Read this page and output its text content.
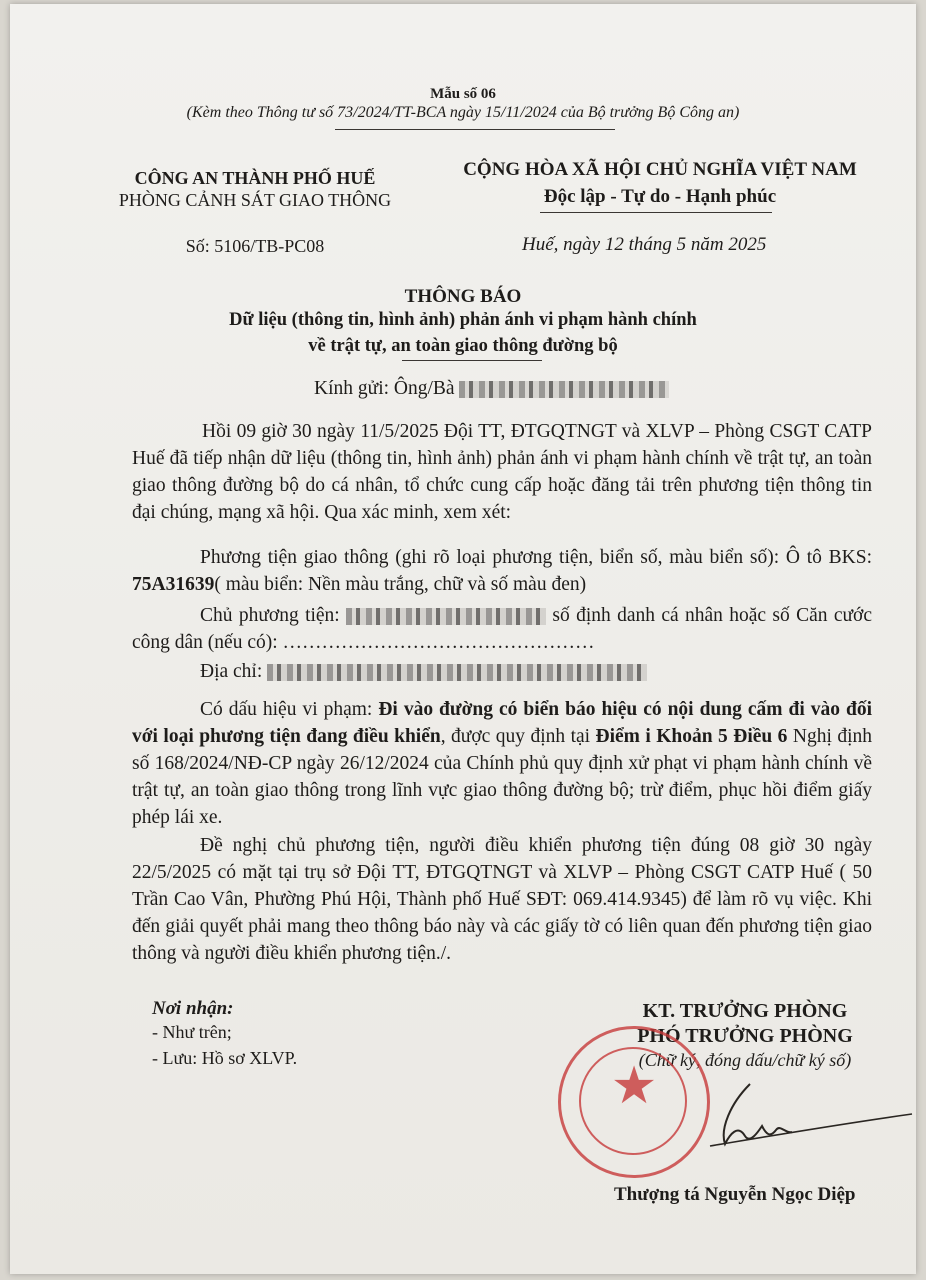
Mẫu số 06
(Kèm theo Thông tư số 73/2024/TT-BCA ngày 15/11/2024 của Bộ trưởng Bộ Công an)
CÔNG AN THÀNH PHỐ HUẾ
PHÒNG CẢNH SÁT GIAO THÔNG
Số: 5106/TB-PC08
CỘNG HÒA XÃ HỘI CHỦ NGHĨA VIỆT NAM
Độc lập - Tự do - Hạnh phúc
Huế, ngày 12 tháng 5 năm 2025
THÔNG BÁO
Dữ liệu (thông tin, hình ảnh) phản ánh vi phạm hành chính
về trật tự, an toàn giao thông đường bộ
Kính gửi: Ông/Bà
Hồi 09 giờ 30 ngày 11/5/2025 Đội TT, ĐTGQTNGT và XLVP – Phòng CSGT CATP Huế đã tiếp nhận dữ liệu (thông tin, hình ảnh) phản ánh vi phạm hành chính về trật tự, an toàn giao thông đường bộ do cá nhân, tổ chức cung cấp hoặc đăng tải trên phương tiện thông tin đại chúng, mạng xã hội. Qua xác minh, xem xét:
Phương tiện giao thông (ghi rõ loại phương tiện, biển số, màu biển số): Ô tô BKS: 75A31639( màu biển: Nền màu trắng, chữ và số màu đen)
Chủ phương tiện:	số định danh cá nhân hoặc số Căn cước công dân (nếu có): …………………………………………
Địa chỉ:
Có dấu hiệu vi phạm: Đi vào đường có biển báo hiệu có nội dung cấm đi vào đối với loại phương tiện đang điều khiển, được quy định tại Điểm i Khoản 5 Điều 6 Nghị định số 168/2024/NĐ-CP ngày 26/12/2024 của Chính phủ quy định xử phạt vi phạm hành chính về trật tự, an toàn giao thông trong lĩnh vực giao thông đường bộ; trừ điểm, phục hồi điểm giấy phép lái xe.
Đề nghị chủ phương tiện, người điều khiển phương tiện đúng 08 giờ 30 ngày 22/5/2025 có mặt tại trụ sở Đội TT, ĐTGQTNGT và XLVP – Phòng CSGT CATP Huế ( 50 Trần Cao Vân, Phường Phú Hội, Thành phố Huế SĐT: 069.414.9345) để làm rõ vụ việc. Khi đến giải quyết phải mang theo thông báo này và các giấy tờ có liên quan đến phương tiện giao thông và người điều khiển phương tiện./.
Nơi nhận:
- Như trên;
- Lưu: Hồ sơ XLVP.
KT. TRƯỞNG PHÒNG
PHÓ TRƯỞNG PHÒNG
(Chữ ký, đóng dấu/chữ ký số)
★
Thượng tá Nguyễn Ngọc Diệp
